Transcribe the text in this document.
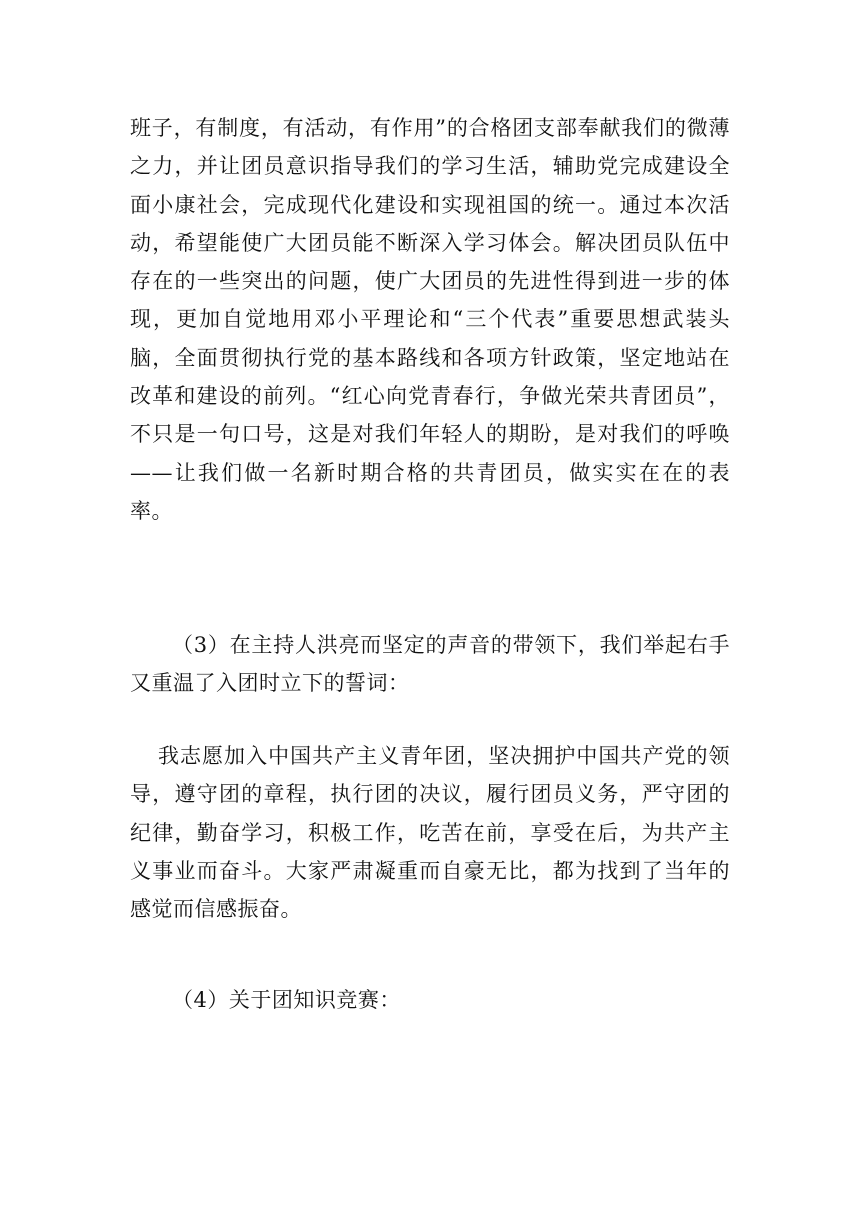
班子，有制度，有活动，有作用”的合格团支部奉献我们的微薄之力，并让团员意识指导我们的学习生活，辅助党完成建设全面小康社会，完成现代化建设和实现祖国的统一。通过本次活动，希望能使广大团员能不断深入学习体会。解决团员队伍中存在的一些突出的问题，使广大团员的先进性得到进一步的体现，更加自觉地用邓小平理论和“三个代表”重要思想武装头脑，全面贯彻执行党的基本路线和各项方针政策，坚定地站在改革和建设的前列。“红心向党青春行，争做光荣共青团员”，不只是一句口号，这是对我们年轻人的期盼，是对我们的呼唤——让我们做一名新时期合格的共青团员，做实实在在的表率。

（3）在主持人洪亮而坚定的声音的带领下，我们举起右手又重温了入团时立下的誓词：

我志愿加入中国共产主义青年团，坚决拥护中国共产党的领导，遵守团的章程，执行团的决议，履行团员义务，严守团的纪律，勤奋学习，积极工作，吃苦在前，享受在后，为共产主义事业而奋斗。大家严肃凝重而自豪无比，都为找到了当年的感觉而信感振奋。

（4）关于团知识竞赛：
